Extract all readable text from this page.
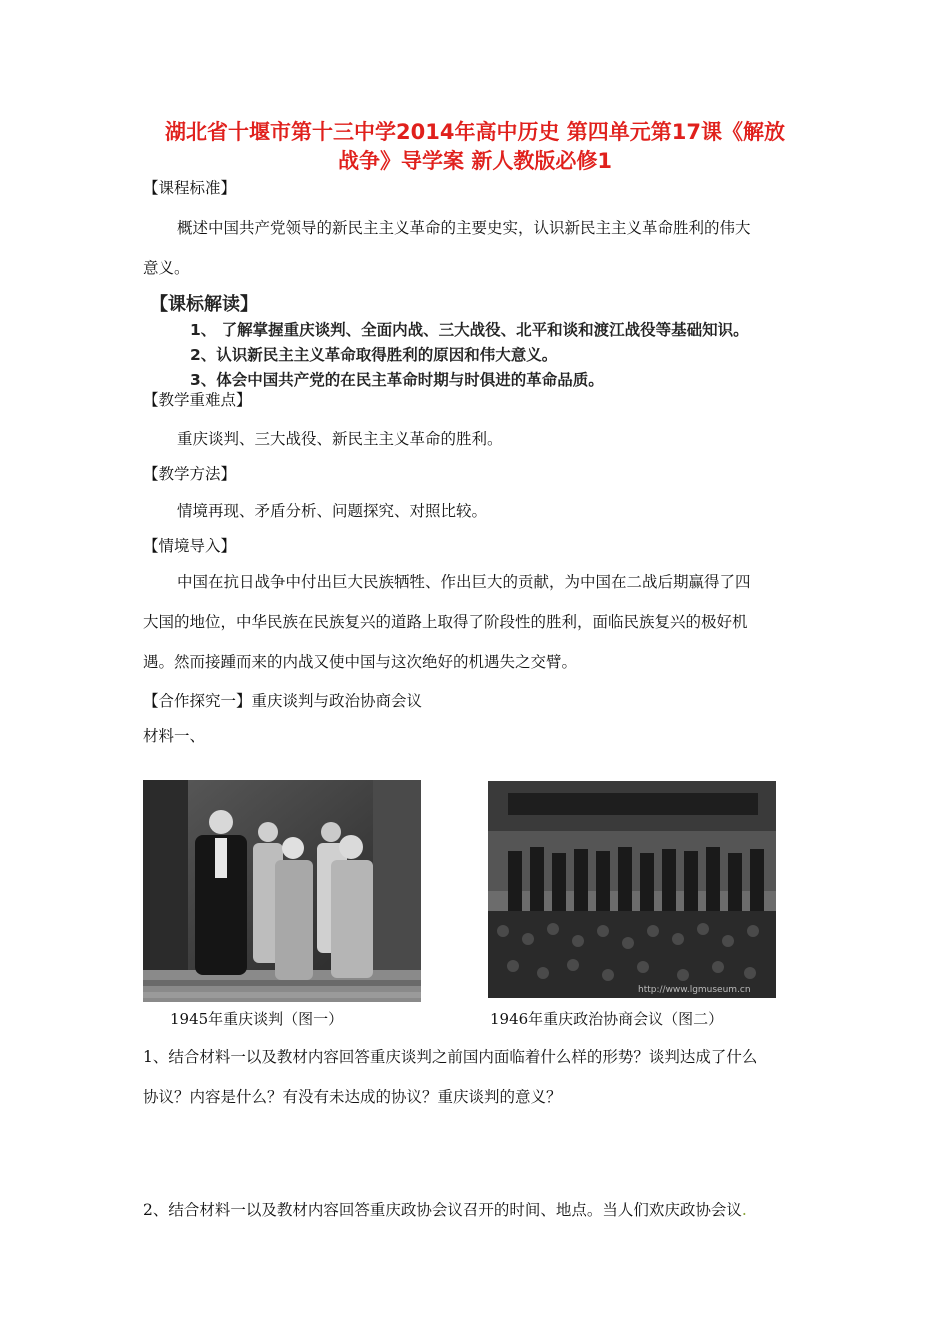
湖北省十堰市第十三中学2014年高中历史 第四单元第17课《解放
战争》导学案 新人教版必修1
【课程标准】
概述中国共产党领导的新民主主义革命的主要史实，认识新民主主义革命胜利的伟大
意义。
【课标解读】
1、 了解掌握重庆谈判、全面内战、三大战役、北平和谈和渡江战役等基础知识。
2、认识新民主主义革命取得胜利的原因和伟大意义。
3、体会中国共产党的在民主革命时期与时俱进的革命品质。
【教学重难点】
重庆谈判、三大战役、新民主主义革命的胜利。
【教学方法】
情境再现、矛盾分析、问题探究、对照比较。
【情境导入】
中国在抗日战争中付出巨大民族牺牲、作出巨大的贡献，为中国在二战后期赢得了四
大国的地位，中华民族在民族复兴的道路上取得了阶段性的胜利，面临民族复兴的极好机
遇。然而接踵而来的内战又使中国与这次绝好的机遇失之交臂。
【合作探究一】重庆谈判与政治协商会议
材料一、
1945年重庆谈判（图一）
http://www.lgmuseum.cn
1946年重庆政治协商会议（图二）
1、结合材料一以及教材内容回答重庆谈判之前国内面临着什么样的形势？谈判达成了什么
协议？内容是什么？有没有未达成的协议？重庆谈判的意义？
2、结合材料一以及教材内容回答重庆政协会议召开的时间、地点。当人们欢庆政协会议.
